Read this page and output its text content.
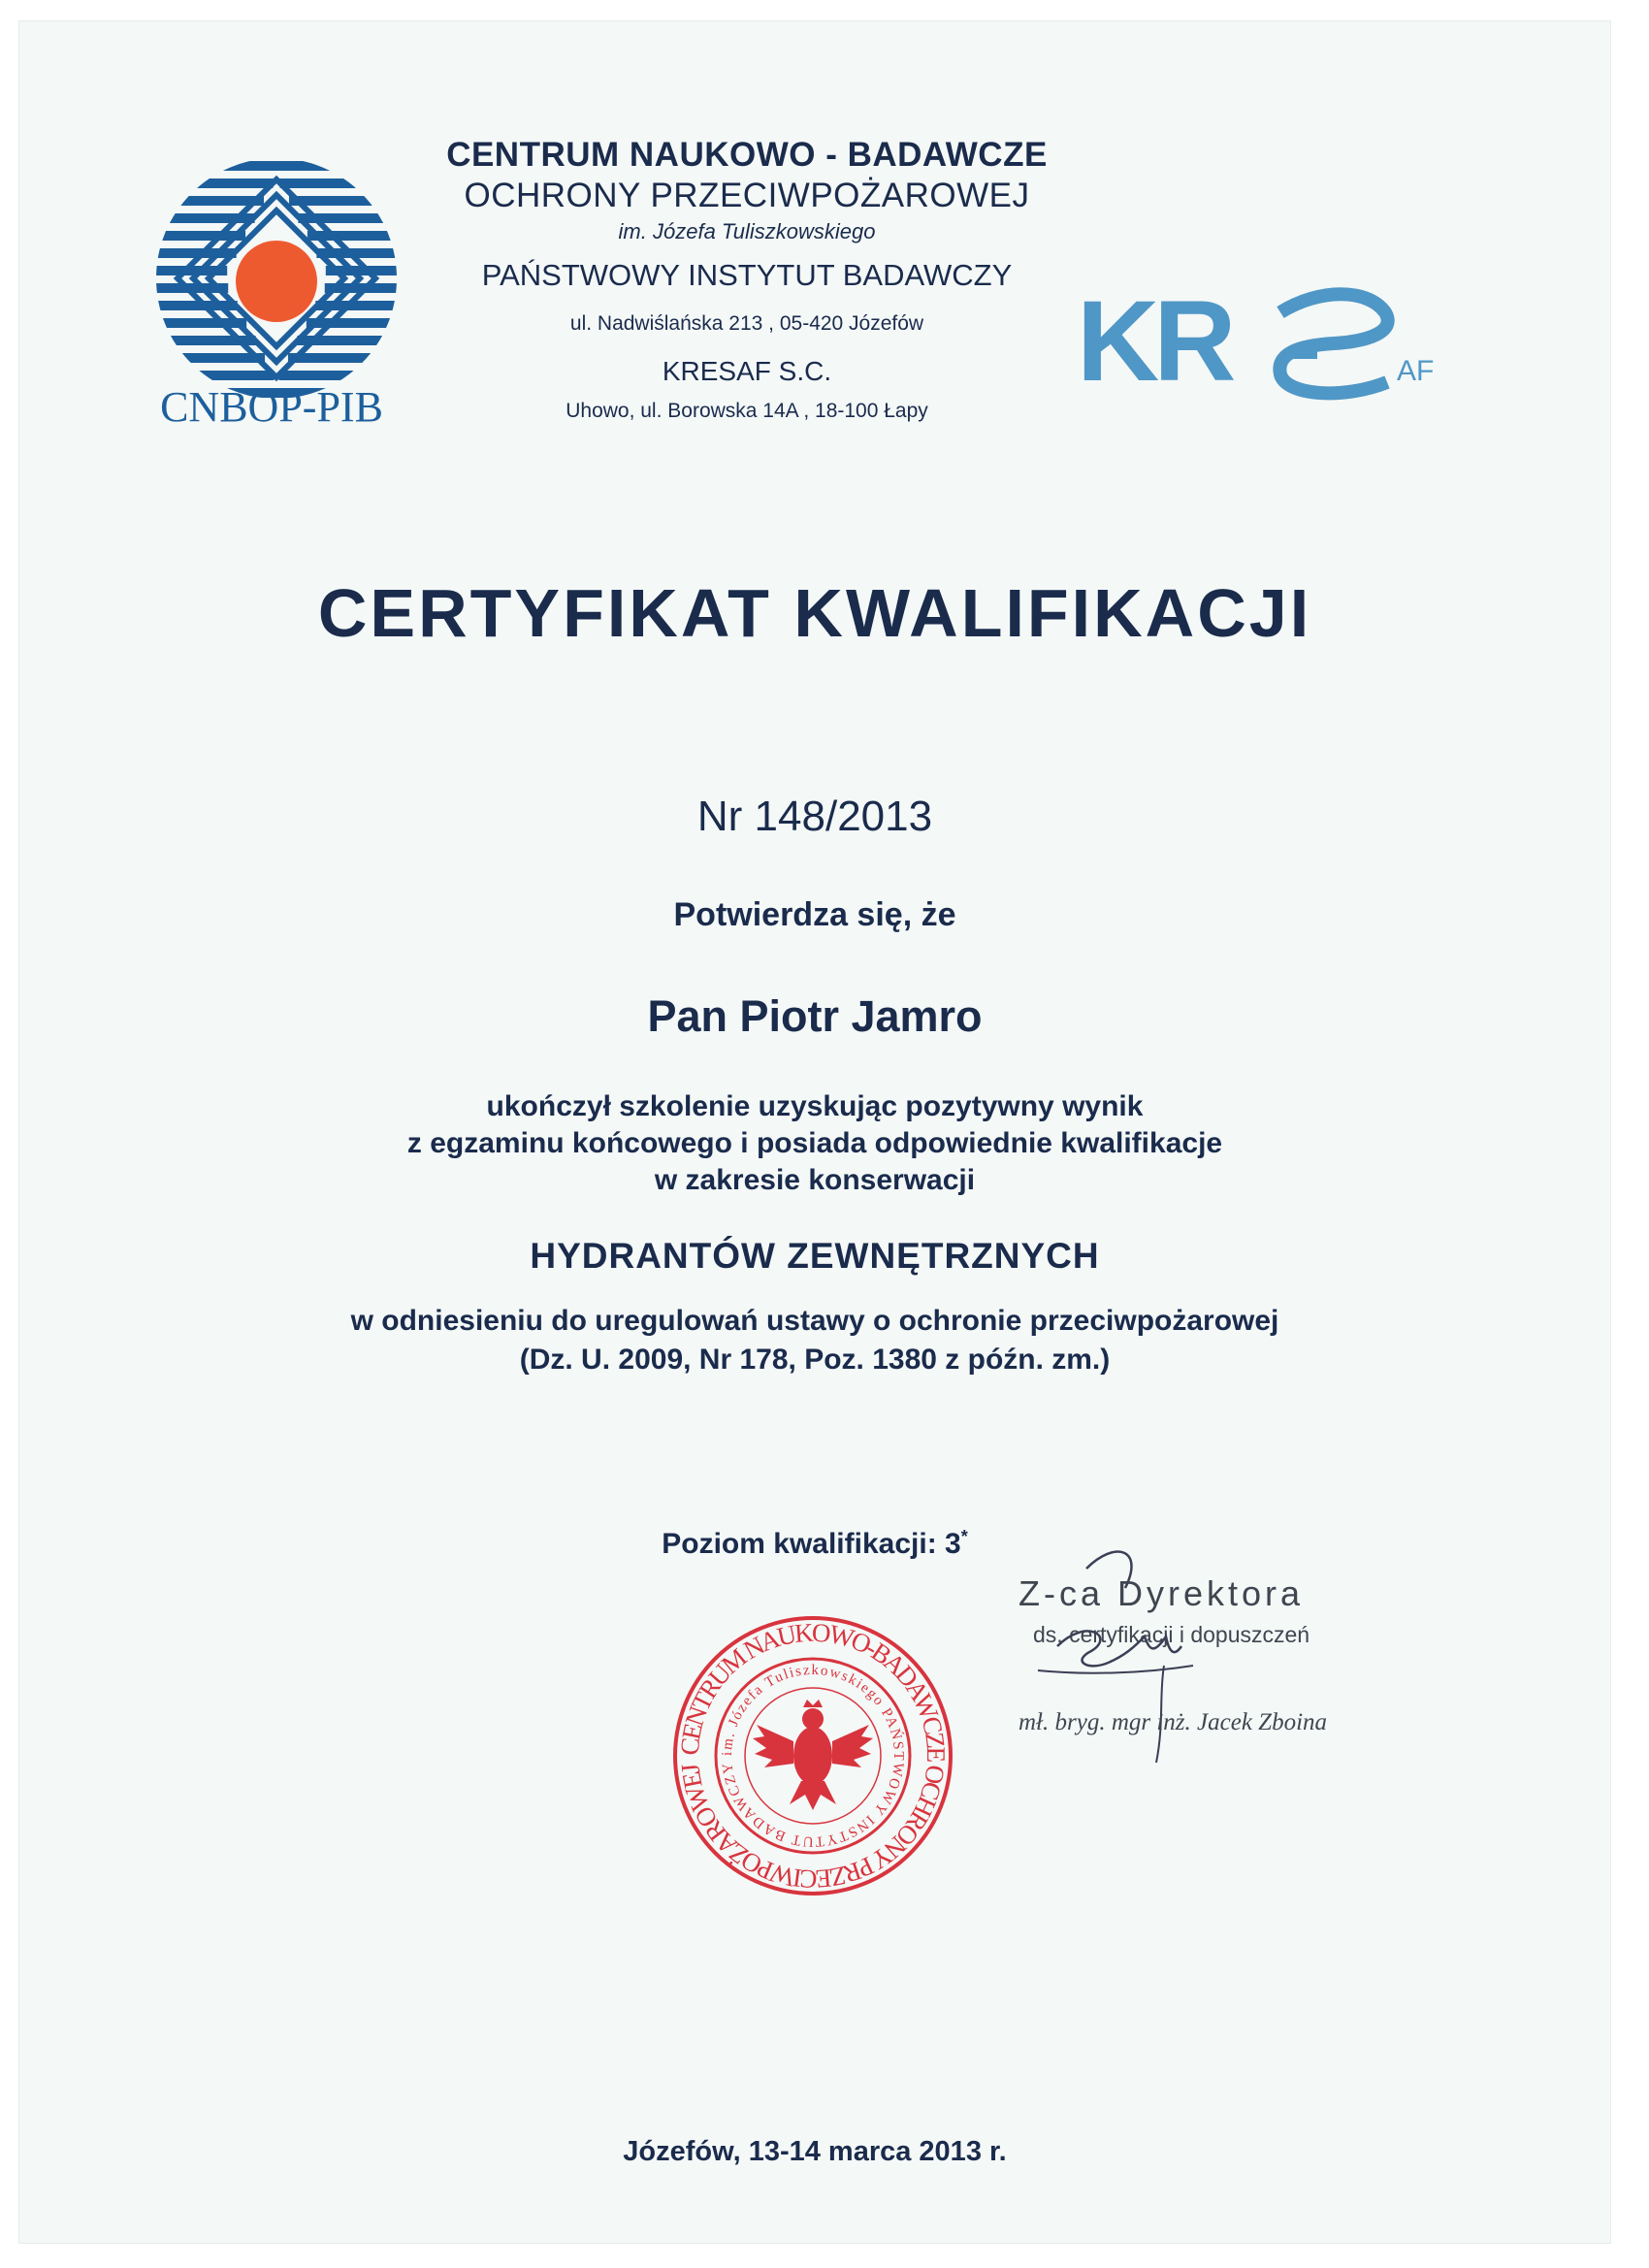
CNBOP-PIB
CENTRUM NAUKOWO - BADAWCZE
OCHRONY PRZECIWPOŻAROWEJ
im. Józefa Tuliszkowskiego
PAŃSTWOWY INSTYTUT BADAWCZY
ul. Nadwiślańska 213 , 05-420 Józefów
KRESAF S.C.
Uhowo, ul. Borowska 14A , 18-100 Łapy
KR	AF
CERTYFIKAT KWALIFIKACJI
Nr 148/2013
Potwierdza się, że
Pan Piotr Jamro
ukończył szkolenie uzyskując pozytywny wynik
z egzaminu końcowego i posiada odpowiednie kwalifikacje
w zakresie konserwacji
HYDRANTÓW ZEWNĘTRZNYCH
w odniesieniu do uregulowań ustawy o ochronie przeciwpożarowej
(Dz. U. 2009, Nr 178, Poz. 1380 z późn. zm.)
Poziom kwalifikacji: 3*
CENTRUM NAUKOWO-BADAWCZE OCHRONY PRZECIWPOŻAROWEJ
im. Józefa Tuliszkowskiego PAŃSTWOWY INSTYTUT BADAWCZY
Z-ca Dyrektora
ds. certyfikacji i dopuszczeń
mł. bryg. mgr inż. Jacek Zboina
Józefów, 13-14 marca 2013 r.
